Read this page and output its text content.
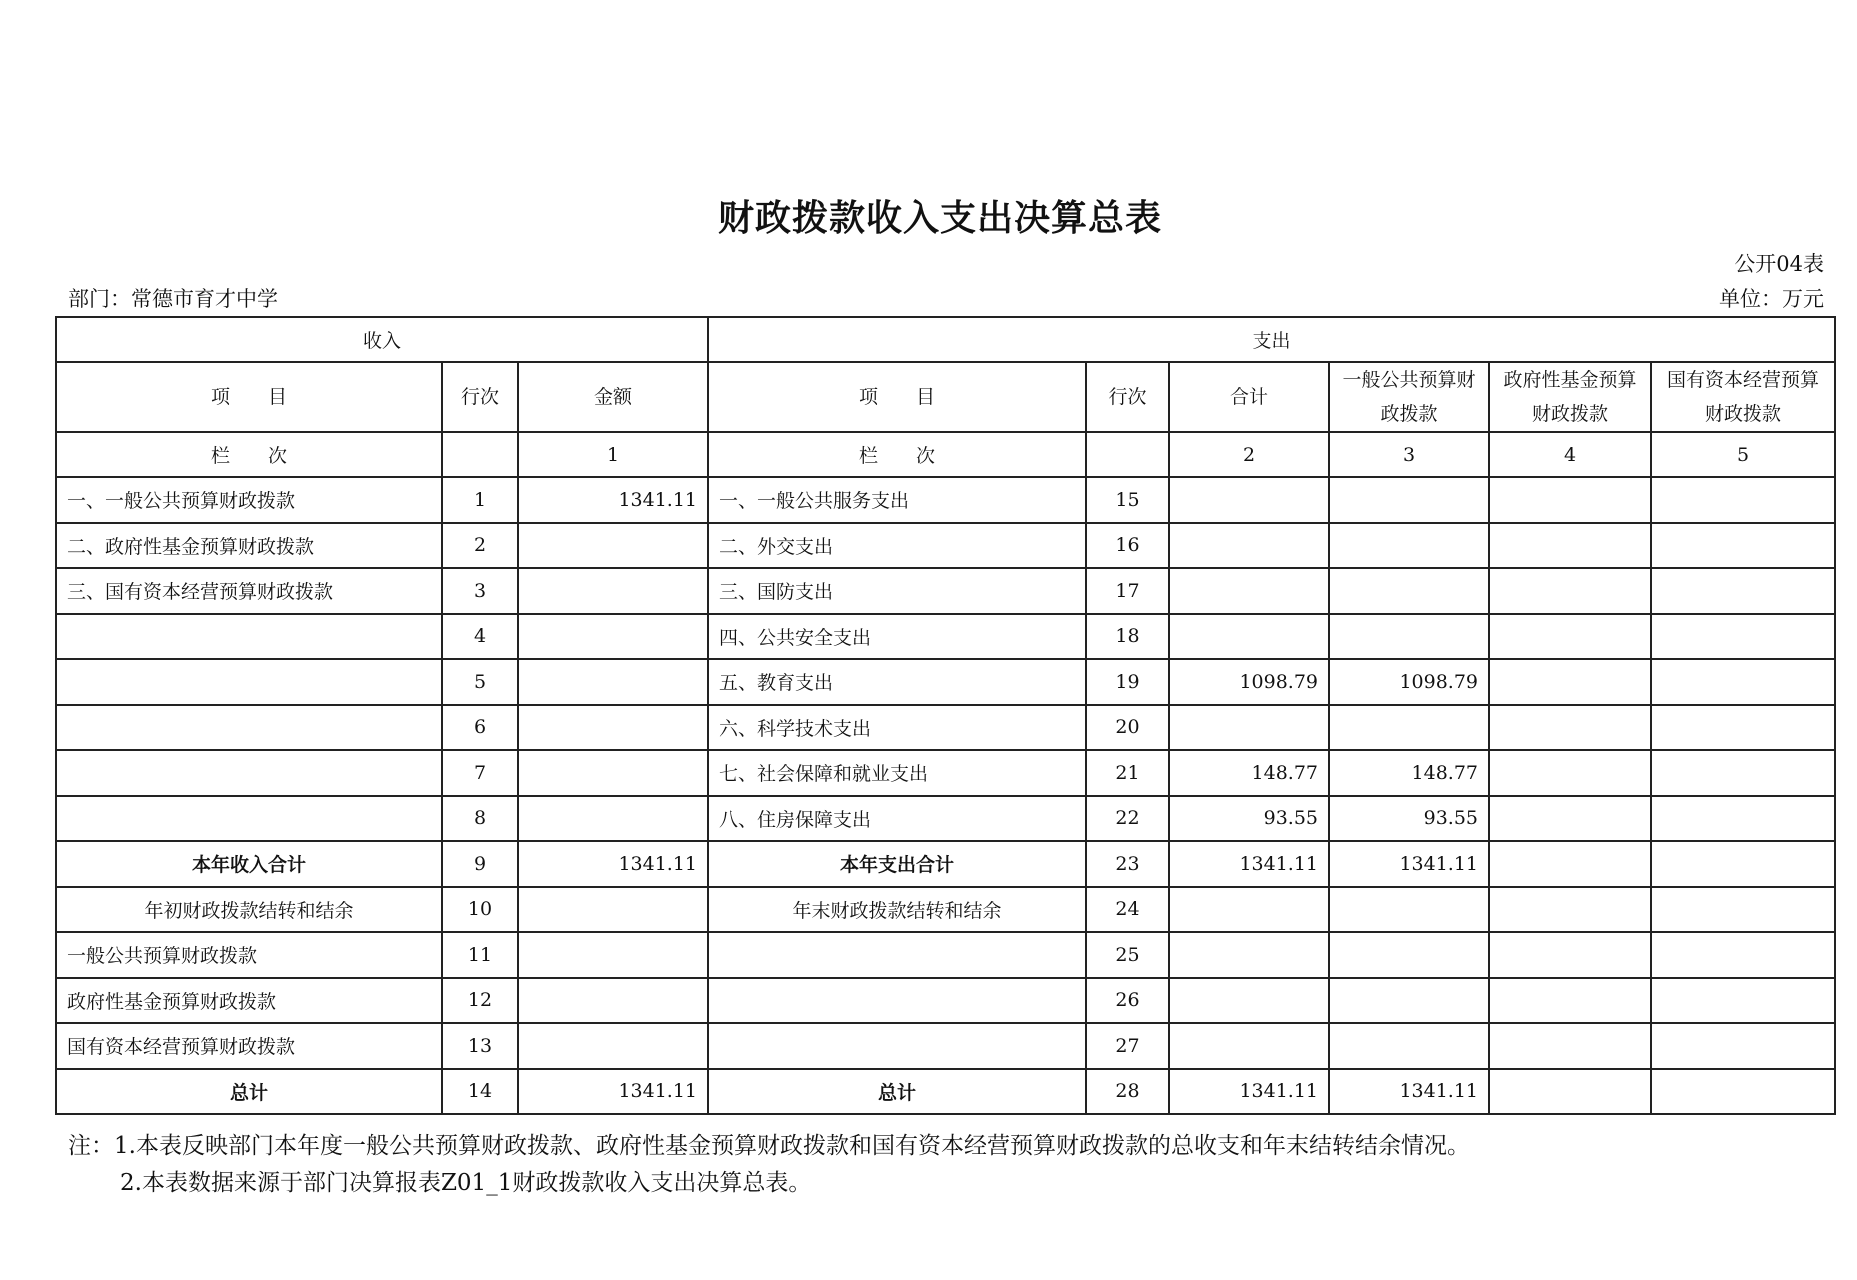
财政拨款收入支出决算总表
公开04表
部门：常德市育才中学	单位：万元
收入			支出					
项　　目	行次	金额	项　　目	行次	合计	一般公共预算财政拨款	政府性基金预算财政拨款	国有资本经营预算财政拨款
栏　　次		1	栏　　次		2	3	4	5
一、一般公共预算财政拨款	1	1341.11	一、一般公共服务支出	15				
二、政府性基金预算财政拨款	2		二、外交支出	16				
三、国有资本经营预算财政拨款	3		三、国防支出	17				
	4		四、公共安全支出	18				
	5		五、教育支出	19	1098.79	1098.79		
	6		六、科学技术支出	20				
	7		七、社会保障和就业支出	21	148.77	148.77		
	8		八、住房保障支出	22	93.55	93.55		
本年收入合计	9	1341.11	本年支出合计	23	1341.11	1341.11		
年初财政拨款结转和结余	10		年末财政拨款结转和结余	24				
一般公共预算财政拨款	11			25				
政府性基金预算财政拨款	12			26				
国有资本经营预算财政拨款	13			27				
总计	14	1341.11	总计	28	1341.11	1341.11		
注：1.本表反映部门本年度一般公共预算财政拨款、政府性基金预算财政拨款和国有资本经营预算财政拨款的总收支和年末结转结余情况。
2.本表数据来源于部门决算报表Z01_1财政拨款收入支出决算总表。
